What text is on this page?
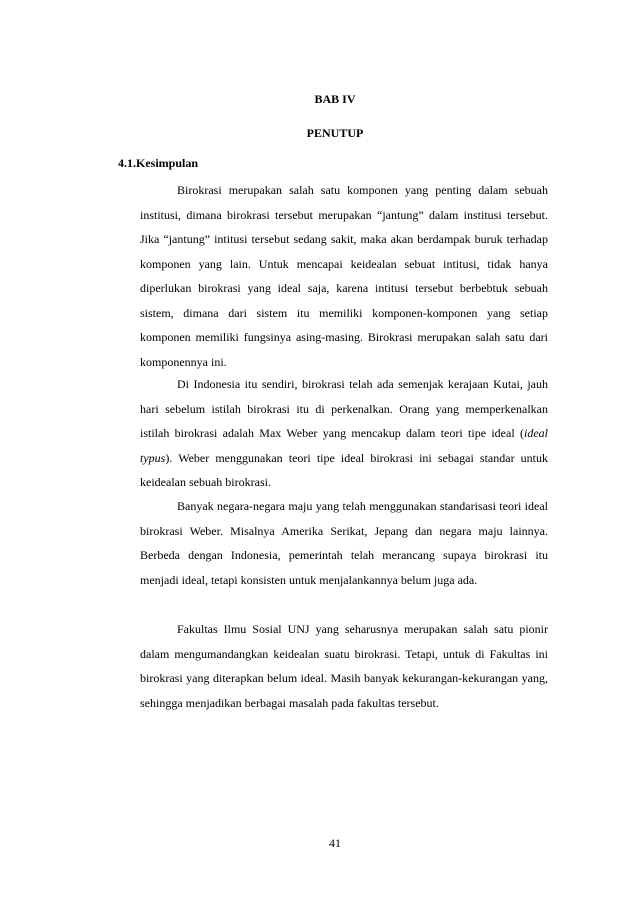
BAB IV
PENUTUP
4.1.Kesimpulan

Birokrasi merupakan salah satu komponen yang penting dalam sebuah institusi, dimana birokrasi tersebut merupakan “jantung” dalam institusi tersebut. Jika “jantung” intitusi tersebut sedang sakit, maka akan berdampak buruk terhadap komponen yang lain. Untuk mencapai keidealan sebuat intitusi, tidak hanya diperlukan birokrasi yang ideal saja, karena intitusi tersebut berbebtuk sebuah sistem, dimana dari sistem itu memiliki komponen-komponen yang setiap komponen memiliki fungsinya asing-masing. Birokrasi merupakan salah satu dari komponennya ini.

Di Indonesia itu sendiri, birokrasi telah ada semenjak kerajaan Kutai, jauh hari sebelum istilah birokrasi itu di perkenalkan. Orang yang memperkenalkan istilah birokrasi adalah Max Weber yang mencakup dalam teori tipe ideal (ideal typus). Weber menggunakan teori tipe ideal birokrasi ini sebagai standar untuk keidealan sebuah birokrasi.

Banyak negara-negara maju yang telah menggunakan standarisasi teori ideal birokrasi Weber. Misalnya Amerika Serikat, Jepang dan negara maju lainnya. Berbeda dengan Indonesia, pemerintah telah merancang supaya birokrasi itu menjadi ideal, tetapi konsisten untuk menjalankannya belum juga ada.

Fakultas Ilmu Sosial UNJ yang seharusnya merupakan salah satu pionir dalam mengumandangkan keidealan suatu birokrasi. Tetapi, untuk di Fakultas ini birokrasi yang diterapkan belum ideal. Masih banyak kekurangan-kekurangan yang, sehingga menjadikan berbagai masalah pada fakultas tersebut.

41
